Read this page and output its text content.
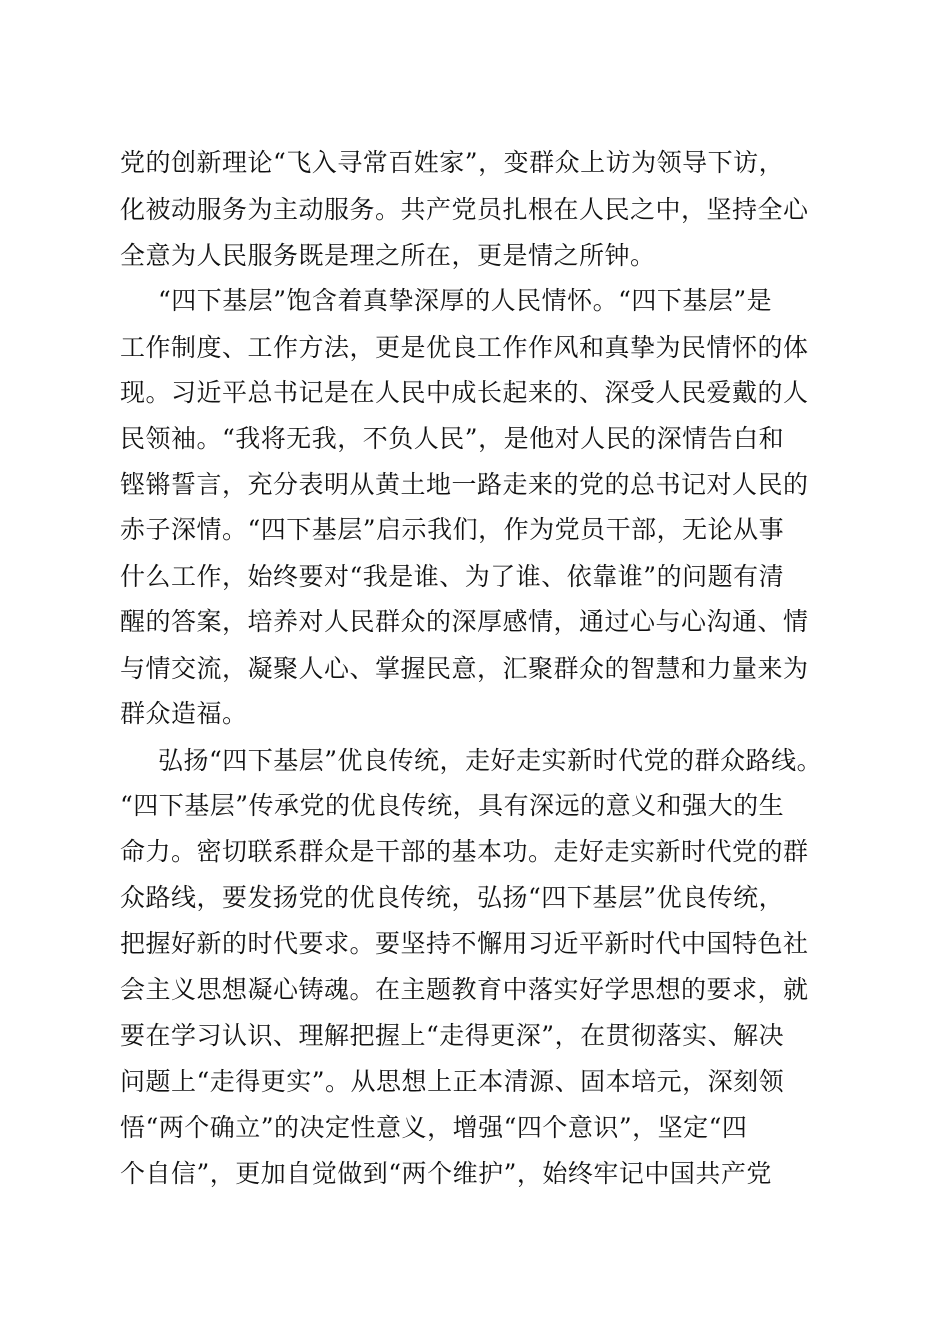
党的创新理论“飞入寻常百姓家”，变群众上访为领导下访，
化被动服务为主动服务。共产党员扎根在人民之中，坚持全心
全意为人民服务既是理之所在，更是情之所钟。
“四下基层”饱含着真挚深厚的人民情怀。“四下基层”是
工作制度、工作方法，更是优良工作作风和真挚为民情怀的体
现。习近平总书记是在人民中成长起来的、深受人民爱戴的人
民领袖。“我将无我，不负人民”，是他对人民的深情告白和
铿锵誓言，充分表明从黄土地一路走来的党的总书记对人民的
赤子深情。“四下基层”启示我们，作为党员干部，无论从事
什么工作，始终要对“我是谁、为了谁、依靠谁”的问题有清
醒的答案，培养对人民群众的深厚感情，通过心与心沟通、情
与情交流，凝聚人心、掌握民意，汇聚群众的智慧和力量来为
群众造福。
弘扬“四下基层”优良传统，走好走实新时代党的群众路线。
“四下基层”传承党的优良传统，具有深远的意义和强大的生
命力。密切联系群众是干部的基本功。走好走实新时代党的群
众路线，要发扬党的优良传统，弘扬“四下基层”优良传统，
把握好新的时代要求。要坚持不懈用习近平新时代中国特色社
会主义思想凝心铸魂。在主题教育中落实好学思想的要求，就
要在学习认识、理解把握上“走得更深”，在贯彻落实、解决
问题上“走得更实”。从思想上正本清源、固本培元，深刻领
悟“两个确立”的决定性意义，增强“四个意识”，坚定“四
个自信”，更加自觉做到“两个维护”，始终牢记中国共产党
